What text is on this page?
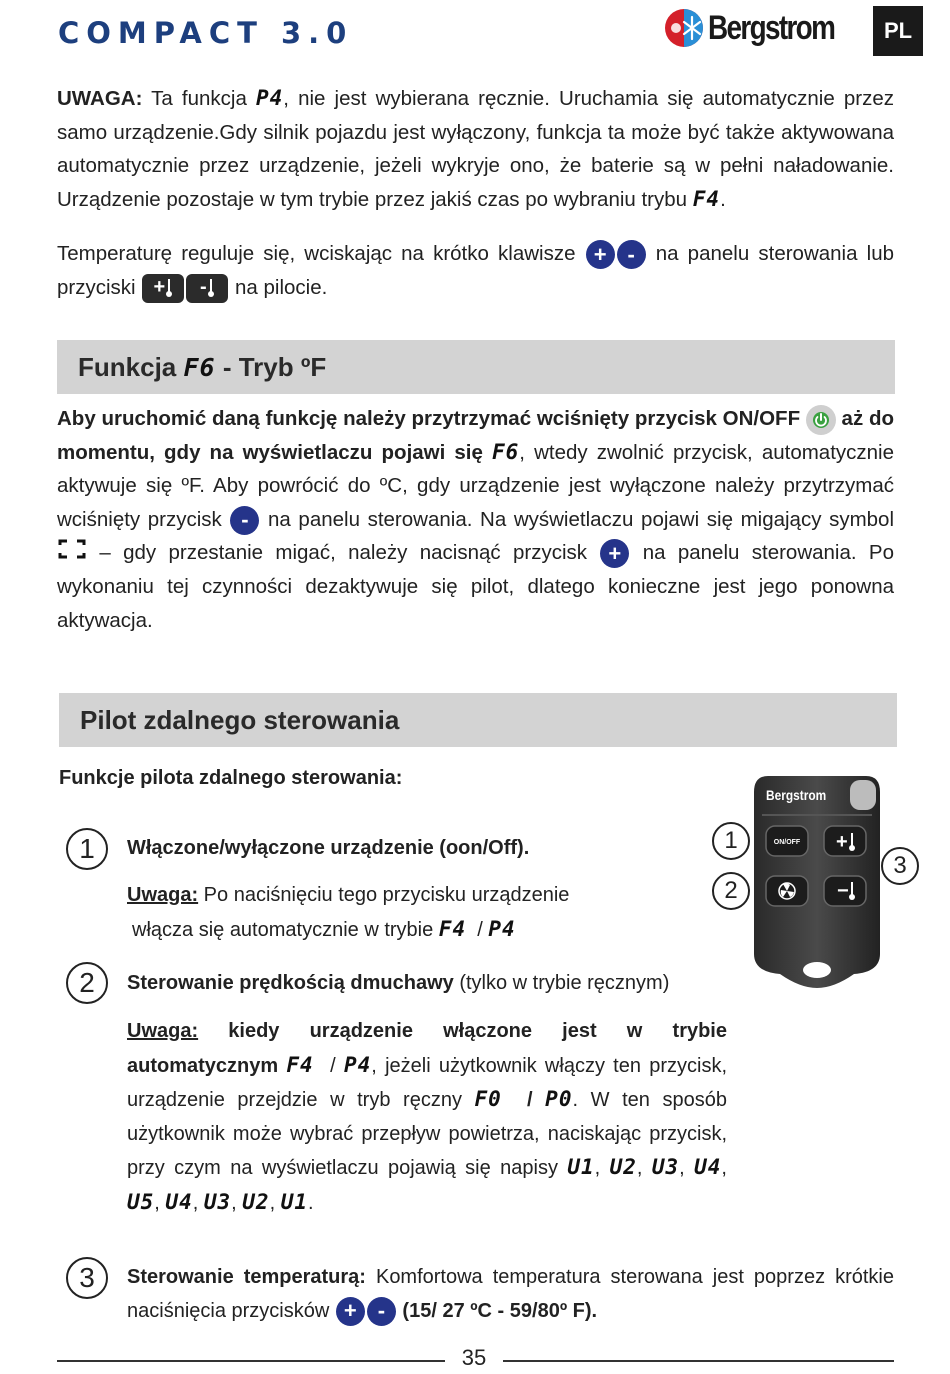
COMPACT 3.0	Bergstrom	PL
UWAGA: Ta funkcja P4, nie jest wybierana ręcznie. Uruchamia się automatycznie przez samo urządzenie.Gdy silnik pojazdu jest wyłączony, funkcja ta może być także aktywowana automatycznie przez urządzenie, jeżeli wykryje ono, że baterie są w pełni naładowanie. Urządzenie pozostaje w tym trybie przez jakiś czas po wybraniu trybu F4.
Temperaturę reguluje się, wciskając na krótko klawisze + - na panelu sterowania lub przyciski + - na pilocie.
Funkcja F6 - Tryb ºF
Aby uruchomić daną funkcję należy przytrzymać wciśnięty przycisk ON/OFF
aż do momentu, gdy na wyświetlaczu pojawi się F6, wtedy zwolnić przycisk, automatycznie aktywuje się ºF. Aby powrócić do ºC, gdy urządzenie jest wyłączone należy przytrzymać wciśnięty przycisk - na panelu sterowania. Na wyświetlaczu pojawi się migający symbol  – gdy przestanie migać, należy nacisnąć przycisk + na panelu sterowania. Po wykonaniu tej czynności dezaktywuje się pilot, dlatego konieczne jest jego ponowna aktywacja.
Pilot zdalnego sterowania
Funkcje pilota zdalnego sterowania:
1	Włączone/wyłączone urządzenie (oon/Off).
Uwaga: Po naciśnięciu tego przycisku urządzenie
włącza się automatycznie w trybie F4 / P4
2	Sterowanie prędkością dmuchawy (tylko w trybie ręcznym)
Uwaga: kiedy urządzenie włączone jest w trybie automatycznym F4 / P4, jeżeli użytkownik włączy ten przycisk, urządzenie przejdzie w tryb ręczny F0 / P0. W ten sposób użytkownik może wybrać przepływ powietrza, naciskając przycisk, przy czym na wyświetlaczu pojawią się napisy U1, U2, U3, U4, U5, U4, U3, U2, U1.
3	Sterowanie temperaturą: Komfortowa temperatura sterowana jest poprzez krótkie naciśnięcia przycisków + - (15/ 27 ºC - 59/80º F).
+
−
Bergstrom
ON/OFF
1
2
3
35
